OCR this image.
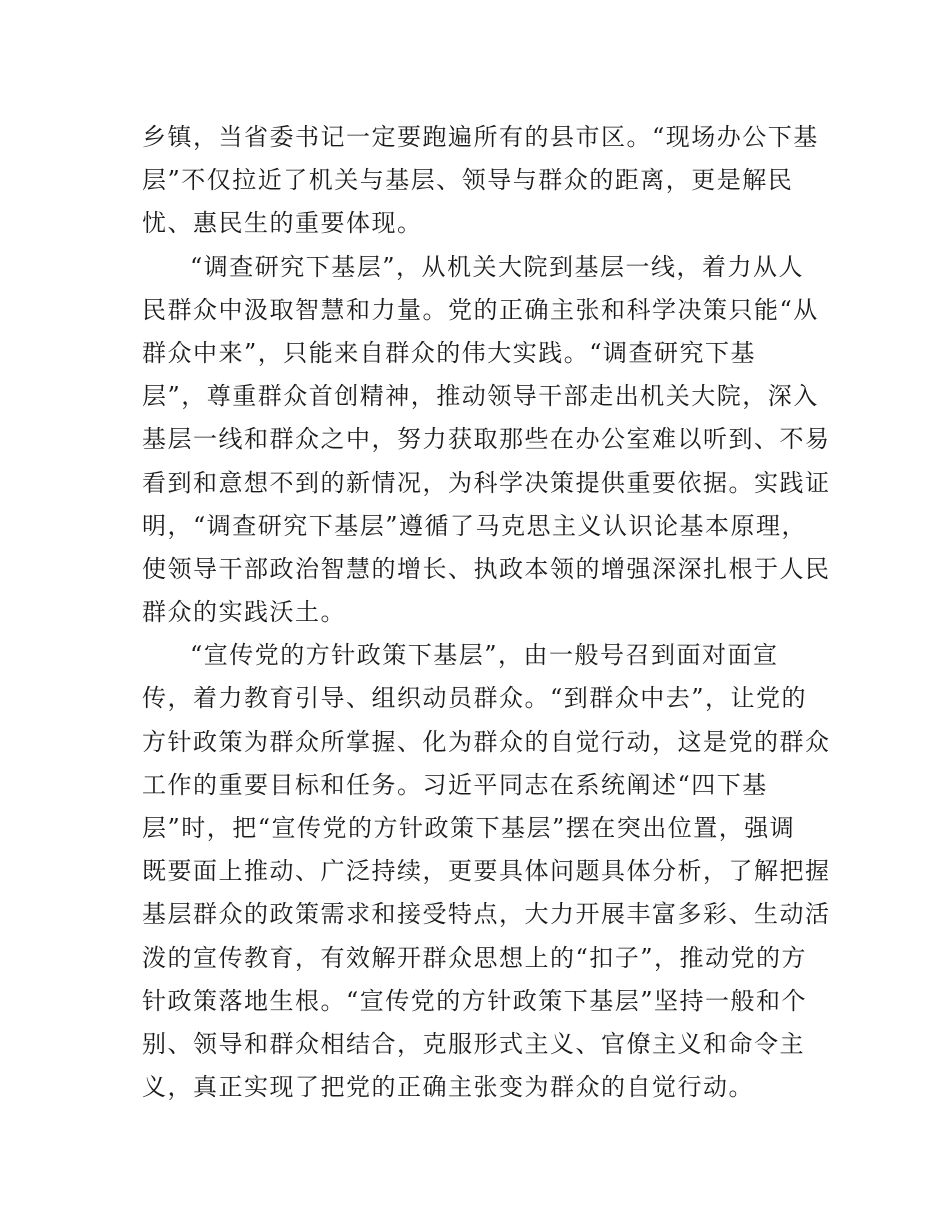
乡镇，当省委书记一定要跑遍所有的县市区。“现场办公下基
层”不仅拉近了机关与基层、领导与群众的距离，更是解民
忧、惠民生的重要体现。
“调查研究下基层”，从机关大院到基层一线，着力从人
民群众中汲取智慧和力量。党的正确主张和科学决策只能“从
群众中来”，只能来自群众的伟大实践。“调查研究下基
层”，尊重群众首创精神，推动领导干部走出机关大院，深入
基层一线和群众之中，努力获取那些在办公室难以听到、不易
看到和意想不到的新情况，为科学决策提供重要依据。实践证
明，“调查研究下基层”遵循了马克思主义认识论基本原理，
使领导干部政治智慧的增长、执政本领的增强深深扎根于人民
群众的实践沃土。
“宣传党的方针政策下基层”，由一般号召到面对面宣
传，着力教育引导、组织动员群众。“到群众中去”，让党的
方针政策为群众所掌握、化为群众的自觉行动，这是党的群众
工作的重要目标和任务。习近平同志在系统阐述“四下基
层”时，把“宣传党的方针政策下基层”摆在突出位置，强调
既要面上推动、广泛持续，更要具体问题具体分析，了解把握
基层群众的政策需求和接受特点，大力开展丰富多彩、生动活
泼的宣传教育，有效解开群众思想上的“扣子”，推动党的方
针政策落地生根。“宣传党的方针政策下基层”坚持一般和个
别、领导和群众相结合，克服形式主义、官僚主义和命令主
义，真正实现了把党的正确主张变为群众的自觉行动。
